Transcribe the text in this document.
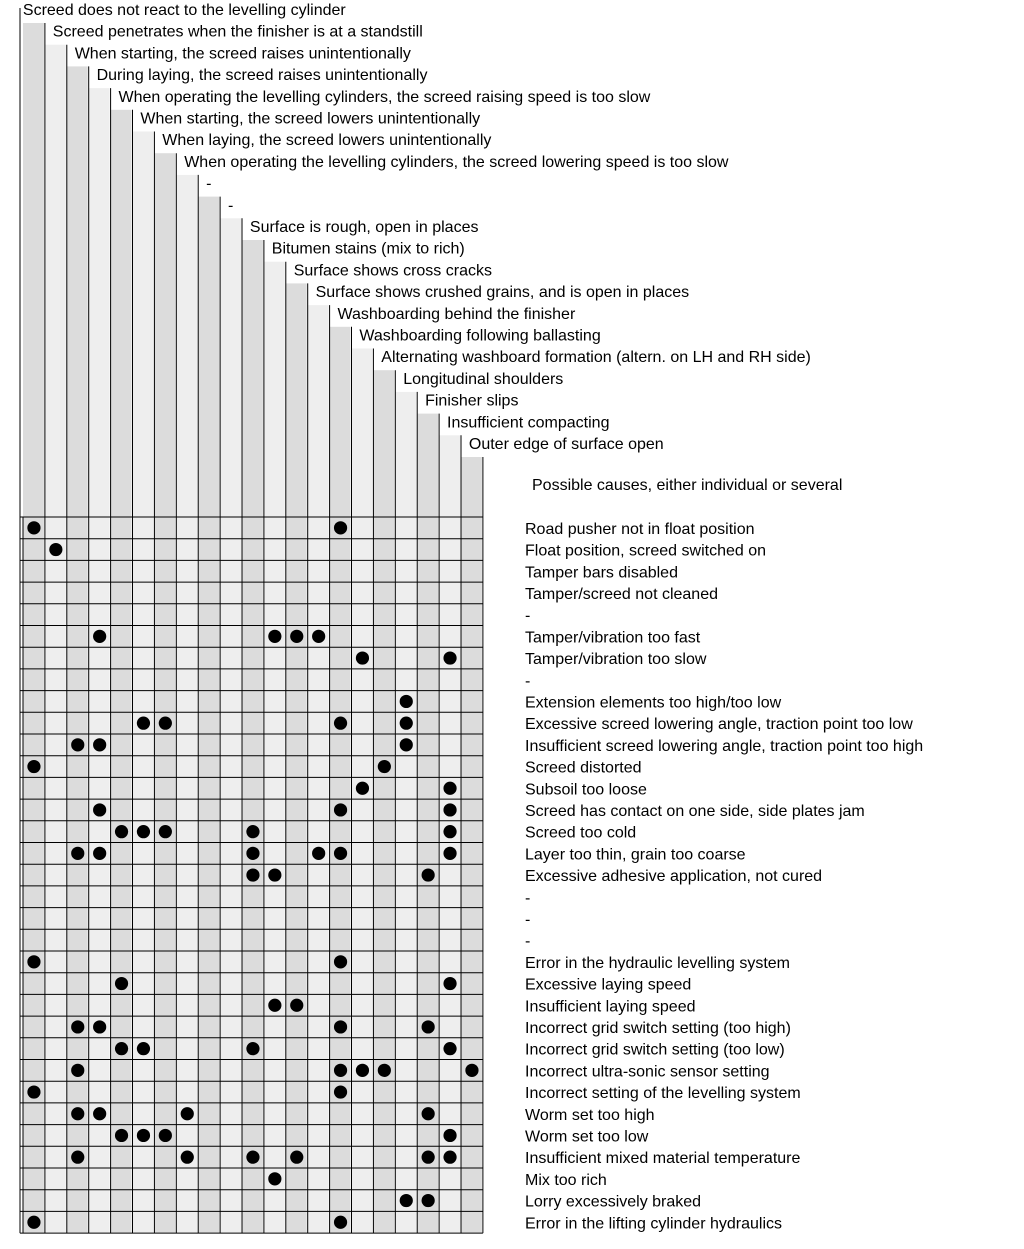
Screed does not react to the levelling cylinder
Screed penetrates when the finisher is at a standstill
When starting, the screed raises unintentionally
During laying, the screed raises unintentionally
When operating the levelling cylinders, the screed raising speed is too slow
When starting, the screed lowers unintentionally
When laying, the screed lowers unintentionally
When operating the levelling cylinders, the screed lowering speed is too slow
-
-
Surface is rough, open in places
Bitumen stains (mix to rich)
Surface shows cross cracks
Surface shows crushed grains, and is open in places
Washboarding behind the finisher
Washboarding following ballasting
Alternating washboard formation (altern. on LH and RH side)
Longitudinal shoulders
Finisher slips
Insufficient compacting
Outer edge of surface open
Possible causes, either individual or several
Road pusher not in float position
Float position, screed switched on
Tamper bars disabled
Tamper/screed not cleaned
-
Tamper/vibration too fast
Tamper/vibration too slow
-
Extension elements too high/too low
Excessive screed lowering angle, traction point too low
Insufficient screed lowering angle, traction point too high
Screed distorted
Subsoil too loose
Screed has contact on one side, side plates jam
Screed too cold
Layer too thin, grain too coarse
Excessive adhesive application, not cured
-
-
-
Error in the hydraulic levelling system
Excessive laying speed
Insufficient laying speed
Incorrect grid switch setting (too high)
Incorrect grid switch setting (too low)
Incorrect ultra-sonic sensor setting
Incorrect setting of the levelling system
Worm set too high
Worm set too low
Insufficient mixed material temperature
Mix too rich
Lorry excessively braked
Error in the lifting cylinder hydraulics
